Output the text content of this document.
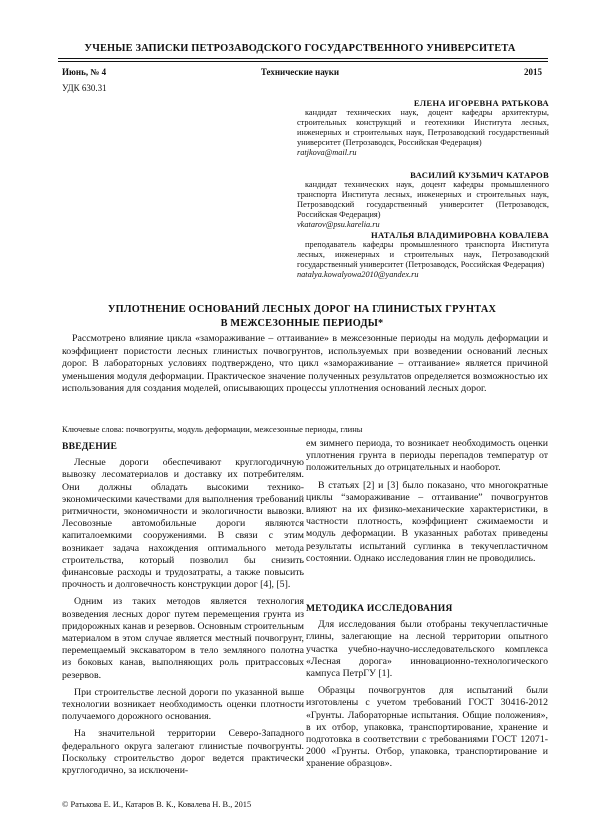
УЧЕНЫЕ ЗАПИСКИ ПЕТРОЗАВОДСКОГО ГОСУДАРСТВЕННОГО УНИВЕРСИТЕТА
Июнь, № 4	Технические науки	2015
УДК 630.31
ЕЛЕНА ИГОРЕВНА РАТЬКОВА
кандидат технических наук, доцент кафедры архитектуры, строительных конструкций и геотехники Института лесных, инженерных и строительных наук, Петрозаводский государственный университет (Петрозаводск, Российская Федерация)
ratjkova@mail.ru
ВАСИЛИЙ КУЗЬМИЧ КАТАРОВ
кандидат технических наук, доцент кафедры промышленного транспорта Института лесных, инженерных и строительных наук, Петрозаводский государственный университет (Петрозаводск, Российская Федерация)
vkatarov@psu.karelia.ru
НАТАЛЬЯ ВЛАДИМИРОВНА КОВАЛЕВА
преподаватель кафедры промышленного транспорта Института лесных, инженерных и строительных наук, Петрозаводский государственный университет (Петрозаводск, Российская Федерация)
natalya.kowalyowa2010@yandex.ru
УПЛОТНЕНИЕ ОСНОВАНИЙ ЛЕСНЫХ ДОРОГ НА ГЛИНИСТЫХ ГРУНТАХ
В МЕЖСЕЗОННЫЕ ПЕРИОДЫ*
Рассмотрено влияние цикла «замораживание – оттаивание» в межсезонные периоды на модуль деформации и коэффициент пористости лесных глинистых почвогрунтов, используемых при возведении оснований лесных дорог. В лабораторных условиях подтверждено, что цикл «замораживание – оттаивание» является причиной уменьшения модуля деформации. Практическое значение полученных результатов определяется возможностью их использования для создания моделей, описывающих процессы уплотнения оснований лесных дорог.
Ключевые слова: почвогрунты, модуль деформации, межсезонные периоды, глины
ВВЕДЕНИЕ

Лесные дороги обеспечивают круглогодичную вывозку лесоматериалов и доставку их потребителям. Они должны обладать высокими технико-экономическими качествами для выполнения требований ритмичности, экономичности и экологичности вывозки. Лесовозные автомобильные дороги являются капиталоемкими сооружениями. В связи с этим возникает задача нахождения оптимального метода строительства, который позволил бы снизить финансовые расходы и трудозатраты, а также повысить прочность и долговечность конструкции дорог [4], [5].

Одним из таких методов является технология возведения лесных дорог путем перемещения грунта из придорожных канав и резервов. Основным строительным материалом в этом случае является местный почвогрунт, перемещаемый экскаватором в тело земляного полотна из боковых канав, выполняющих роль притрассовых резервов.

При строительстве лесной дороги по указанной выше технологии возникает необходимость оценки плотности получаемого дорожного основания.

На значительной территории Северо-Западного федерального округа залегают глинистые почвогрунты. Поскольку строительство дорог ведется практически круглогодично, за исключени-

ем зимнего периода, то возникает необходимость оценки уплотнения грунта в периоды перепадов температур от положительных до отрицательных и наоборот.

В статьях [2] и [3] было показано, что многократные циклы “замораживание – оттаивание” почвогрунтов влияют на их физико-механические характеристики, в частности плотность, коэффициент сжимаемости и модуль деформации. В указанных работах приведены результаты испытаний суглинка в текучепластичном состоянии. Однако исследования глин не проводились.

МЕТОДИКА ИССЛЕДОВАНИЯ

Для исследования были отобраны текучепластичные глины, залегающие на лесной территории опытного участка учебно-научно-исследовательского комплекса «Лесная дорога» инновационно-технологического кампуса ПетрГУ [1].

Образцы почвогрунтов для испытаний были изготовлены с учетом требований ГОСТ 30416-2012 «Грунты. Лабораторные испытания. Общие положения», в их отбор, упаковка, транспортирование, хранение и подготовка в соответствии с требованиями ГОСТ 12071-2000 «Грунты. Отбор, упаковка, транспортирование и хранение образцов».

© Ратькова Е. И., Катаров В. К., Ковалева Н. В., 2015
